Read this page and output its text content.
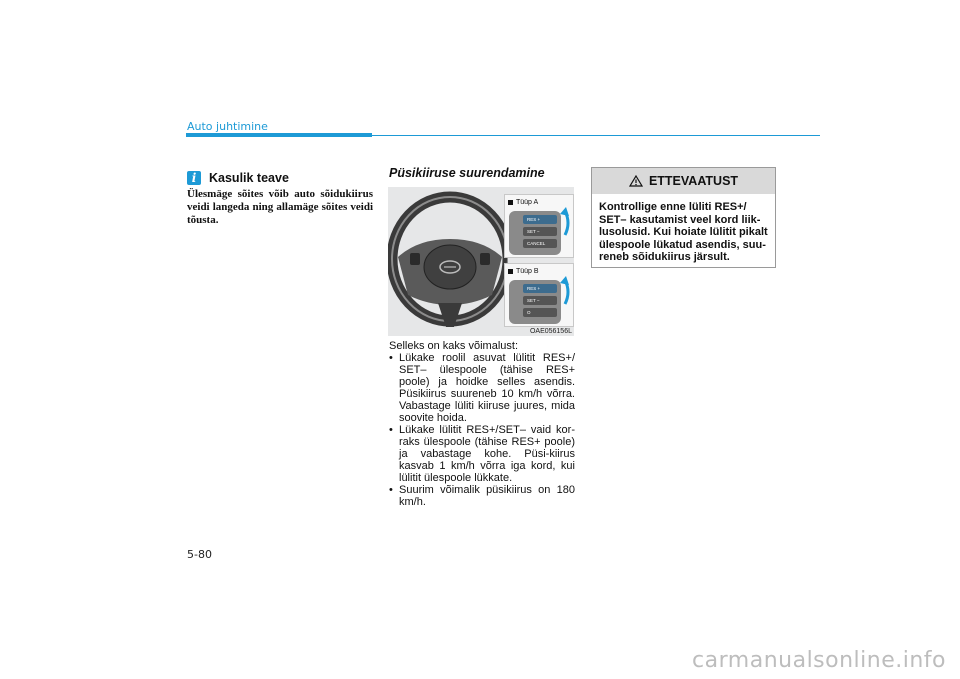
Auto juhtimine
i	Kasulik teave
Ülesmäge sõites võib auto sõidukiirus veidi langeda ning allamäge sõites veidi tõusta.
Püsikiiruse suurendamine
Tüüp A
RES +
SET −
CANCEL
Tüüp B
RES +
SET −
O
OAE056156L

Selleks on kaks võimalust:

• Lükake roolil asuvat lülitit RES+/ SET– ülespoole (tähise RES+ poole) ja hoidke selles asendis. Püsikiirus suureneb 10 km/h võrra. Vabastage lüliti kiiruse juures, mida soovite hoida.

• Lükake lülitit RES+/SET– vaid kor-raks ülespoole (tähise RES+ poole) ja vabastage kohe. Püsi-kiirus kasvab 1 km/h võrra iga kord, kui lülitit ülespoole lükkate.

• Suurim võimalik püsikiirus on 180 km/h.

ETTEVAATUST
Kontrollige enne lüliti RES+/ SET– kasutamist veel kord liik-lusolusid. Kui hoiate lülitit pikalt ülespoole lükatud asendis, suu-reneb sõidukiirus järsult.
5-80
carmanualsonline.info
